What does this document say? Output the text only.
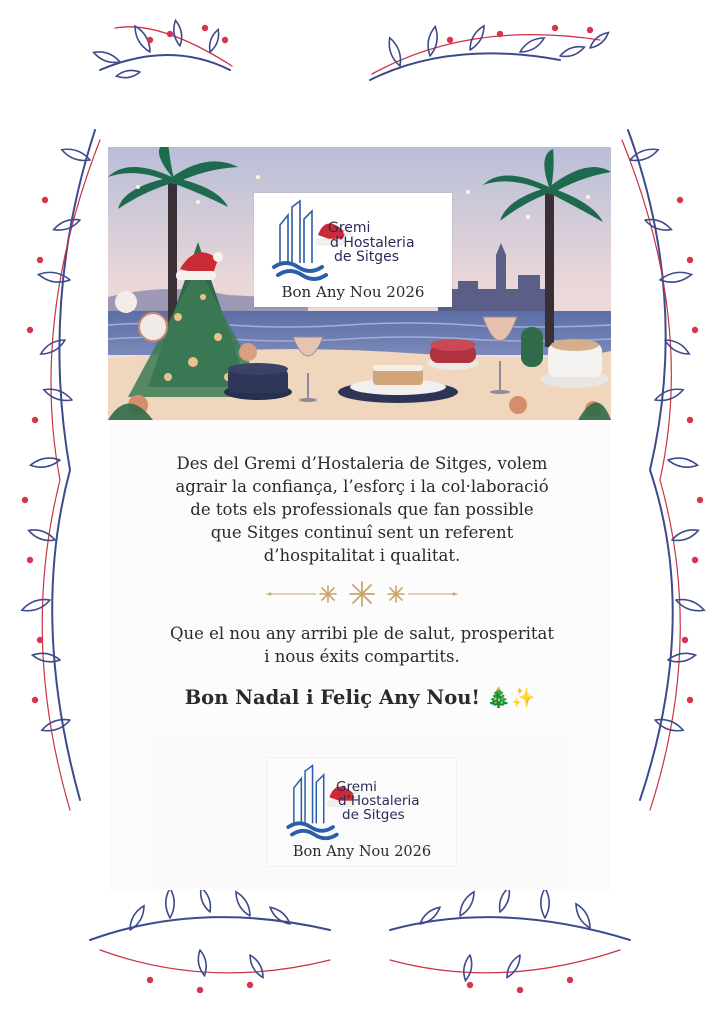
Gremi
d’Hostaleria
de Sitges
Bon Any Nou 2026
Des del Gremi d’Hostaleria de Sitges, volem
agrair la confiança, l’esforç i la col·laboració
de tots els professionals que fan possible
que Sitges continuî sent un referent
d’hospitalitat i qualitat.
Que el nou any arribi ple de salut, prosperitat
i nous éxits compartits.
Bon Nadal i Feliç Any Nou! 🎄✨
Gremi
d’Hostaleria
de Sitges
Bon Any Nou 2026
